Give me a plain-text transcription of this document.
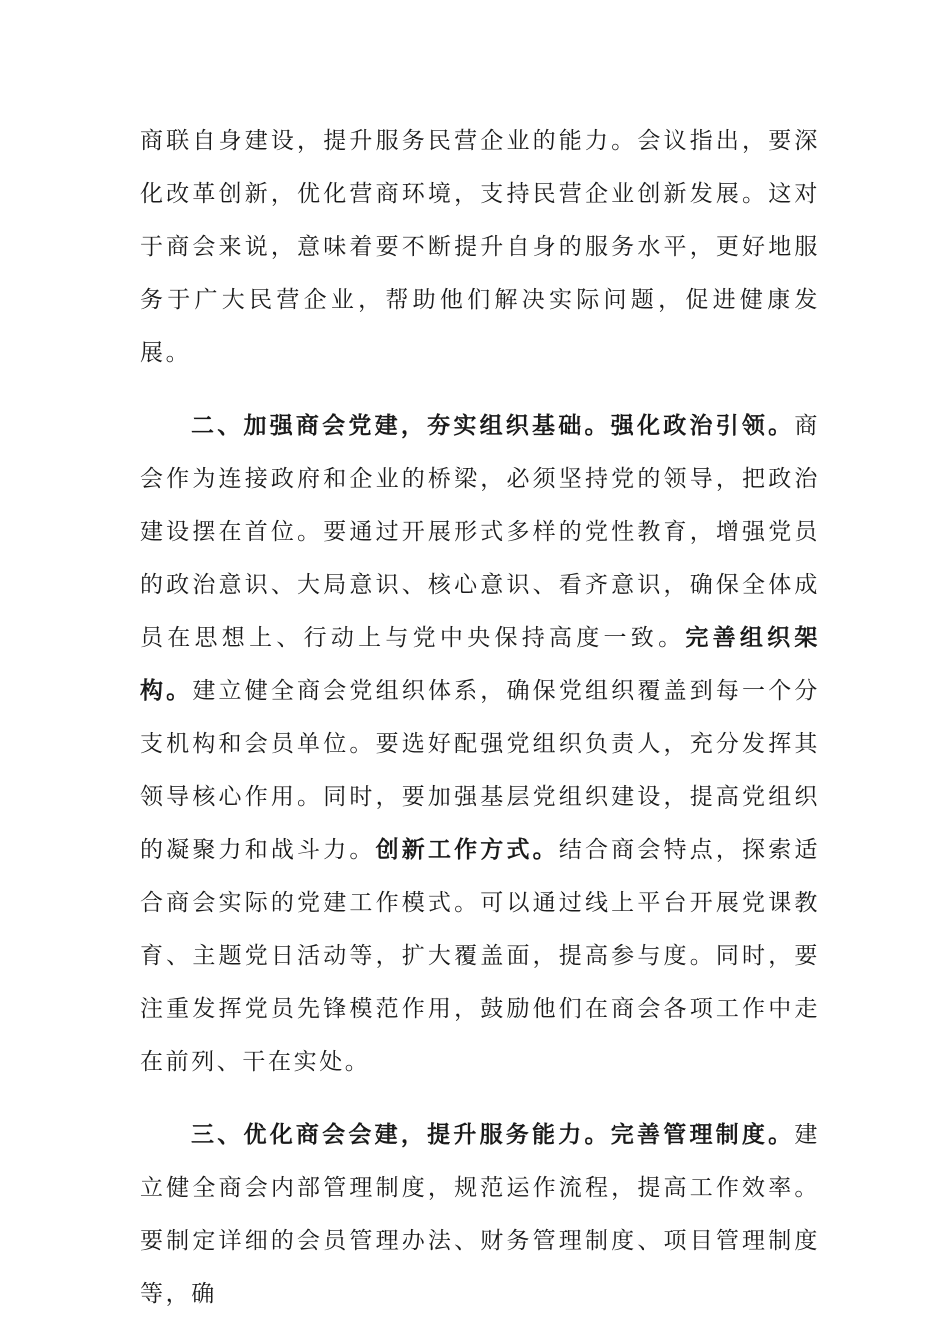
商联自身建设，提升服务民营企业的能力。会议指出，要深化改革创新，优化营商环境，支持民营企业创新发展。这对于商会来说，意味着要不断提升自身的服务水平，更好地服务于广大民营企业，帮助他们解决实际问题，促进健康发展。

二、加强商会党建，夯实组织基础。强化政治引领。商会作为连接政府和企业的桥梁，必须坚持党的领导，把政治建设摆在首位。要通过开展形式多样的党性教育，增强党员的政治意识、大局意识、核心意识、看齐意识，确保全体成员在思想上、行动上与党中央保持高度一致。完善组织架构。建立健全商会党组织体系，确保党组织覆盖到每一个分支机构和会员单位。要选好配强党组织负责人，充分发挥其领导核心作用。同时，要加强基层党组织建设，提高党组织的凝聚力和战斗力。创新工作方式。结合商会特点，探索适合商会实际的党建工作模式。可以通过线上平台开展党课教育、主题党日活动等，扩大覆盖面，提高参与度。同时，要注重发挥党员先锋模范作用，鼓励他们在商会各项工作中走在前列、干在实处。

三、优化商会会建，提升服务能力。完善管理制度。建立健全商会内部管理制度，规范运作流程，提高工作效率。要制定详细的会员管理办法、财务管理制度、项目管理制度等，确
